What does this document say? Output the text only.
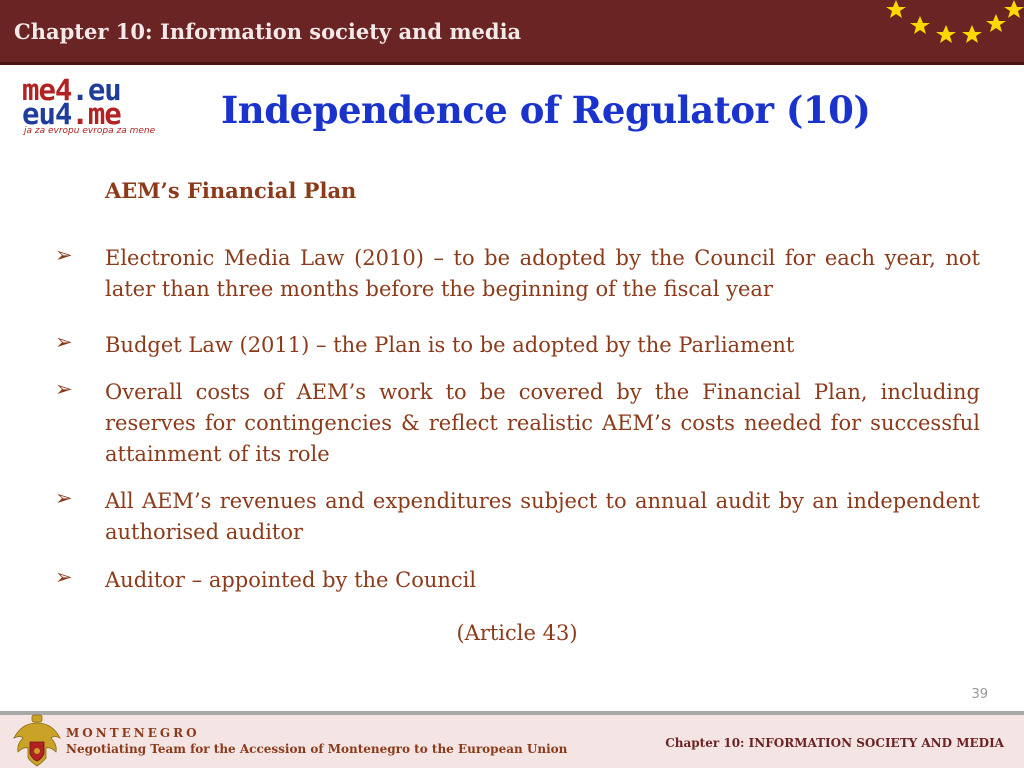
Chapter 10: Information society and media
me4.eu
eu4.me
ja za evropu evropa za mene Independence of Regulator (10)
AEM’s Financial Plan
➢ Electronic Media Law (2010) – to be adopted by the Council for each year, not later than three months before the beginning of the fiscal year
➢ Budget Law (2011) – the Plan is to be adopted by the Parliament
➢ Overall costs of AEM’s work to be covered by the Financial Plan, including reserves for contingencies & reflect realistic AEM’s costs needed for successful attainment of its role
➢ All AEM’s revenues and expenditures subject to annual audit by an independent authorised auditor
➢ Auditor – appointed by the Council
(Article 43)
39
MONTENEGRO
Negotiating Team for the Accession of Montenegro to the European Union	Chapter 10: INFORMATION SOCIETY AND MEDIA
